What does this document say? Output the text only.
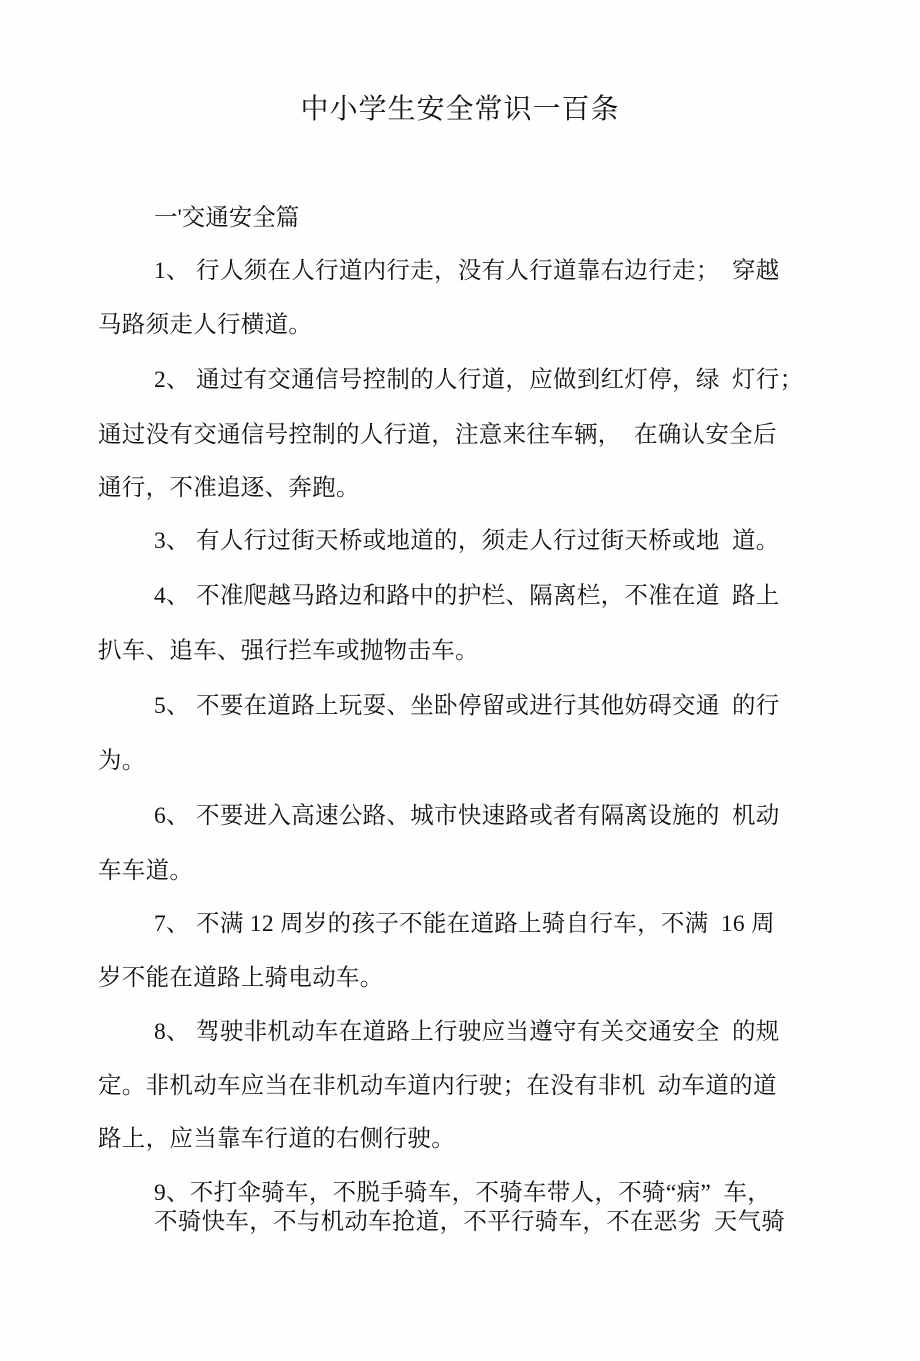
中小学生安全常识一百条
一'交通安全篇
1、 行人须在人行道内行走，没有人行道靠右边行走；  穿越
马路须走人行横道。
2、 通过有交通信号控制的人行道，应做到红灯停，绿  灯行；
通过没有交通信号控制的人行道，注意来往车辆，  在确认安全后
通行，不准追逐、奔跑。
3、 有人行过街天桥或地道的，须走人行过街天桥或地  道。
4、 不准爬越马路边和路中的护栏、隔离栏，不准在道  路上
扒车、追车、强行拦车或抛物击车。
5、 不要在道路上玩耍、坐卧停留或进行其他妨碍交通  的行
为。
6、 不要进入高速公路、城市快速路或者有隔离设施的  机动
车车道。
7、 不满 12 周岁的孩子不能在道路上骑自行车，不满  16 周
岁不能在道路上骑电动车。
8、 驾驶非机动车在道路上行驶应当遵守有关交通安全  的规
定。非机动车应当在非机动车道内行驶；在没有非机  动车道的道
路上，应当靠车行道的右侧行驶。
9、不打伞骑车，不脱手骑车，不骑车带人，不骑“病”  车，
不骑快车，不与机动车抢道，不平行骑车，不在恶劣  天气骑
